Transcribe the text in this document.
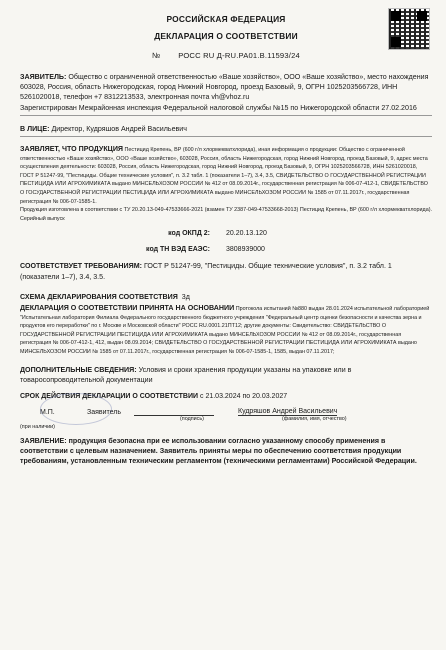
РОССИЙСКАЯ ФЕДЕРАЦИЯ
ДЕКЛАРАЦИЯ О СООТВЕТСТВИИ
№ РОСС RU Д-RU.PA01.B.11593/24
ЗАЯВИТЕЛЬ: Общество с ограниченной ответственностью «Ваше хозяйство», ООО «Ваше хозяйство», место нахождения 603028, Россия, область Нижегородская, город Нижний Новгород, проезд Базовый, 9, ОГРН 1025203566728, ИНН 5261020018, телефон +7 8312213533, электронная почта vh@vhoz.ru
Зарегистрирован Межрайонная инспекция Федеральной налоговой службы №15 по Нижегородской области 27.02.2016
В ЛИЦЕ: Директор, Кудряшов Андрей Васильевич
ЗАЯВЛЯЕТ, ЧТО ПРОДУКЦИЯ Пестицид Крепень, ВР (600 г/л хлормекватхлорида), иная информация о продукции: Общество с ограниченной ответственностью «Ваше хозяйство», ООО «Ваше хозяйство», 603028, Россия, область Нижегородская, город Нижний Новгород, проезд Базовый, 9, адрес места осуществления деятельности: 603028, Россия, область Нижегородская, город Нижний Новгород, проезд Базовый, 9, ОГРН 1025203566728, ИНН 5261020018, ГОСТ Р 51247-99, "Пестициды. Общие технические условия", п. 3.2 табл. 1 (показатели 1–7), 3.4, 3.5, СВИДЕТЕЛЬСТВО О ГОСУДАРСТВЕННОЙ РЕГИСТРАЦИИ ПЕСТИЦИДА ИЛИ АГРОХИМИКАТА выдано МИНСЕЛЬХОЗОМ РОССИИ № 412 от 08.09.2014г., государственная регистрация № 006-07-412-1, СВИДЕТЕЛЬСТВО О ГОСУДАРСТВЕННОЙ РЕГИСТРАЦИИ ПЕСТИЦИДА ИЛИ АГРОХИМИКАТА выдано МИНСЕЛЬХОЗОМ РОССИИ № 1585 от 07.11.2017г., государственная регистрация № 006-07-1585-1.
Продукция изготовлена в соответствии с ТУ 20.20.13-049-47533666-2021 (взамен ТУ 2387-049-47533668-2013) Пестицид Крепень, ВР (600 г/л хлормекватхлорида).
Серийный выпуск
код ОКПД 2:	20.20.13.120
код ТН ВЭД ЕАЭС:	3808939000
СООТВЕТСТВУЕТ ТРЕБОВАНИЯМ: ГОСТ Р 51247-99, "Пестициды. Общие технические условия", п. 3.2 табл. 1 (показатели 1–7), 3.4, 3.5.
СХЕМА ДЕКЛАРИРОВАНИЯ СООТВЕТСТВИЯ 3д
ДЕКЛАРАЦИЯ О СООТВЕТСТВИИ ПРИНЯТА НА ОСНОВАНИИ Протокола испытаний №880 выдан 28.01.2024 испытательной лабораторией "Испытательная лаборатория Филиала Федерального государственного бюджетного учреждения "Федеральный центр оценки безопасности и качества зерна и продуктов его переработки" по г. Москве и Московской области" РОСС RU.0001.21ПТ12; другие документы: Свидетельство: СВИДЕТЕЛЬСТВО О ГОСУДАРСТВЕННОЙ РЕГИСТРАЦИИ ПЕСТИЦИДА ИЛИ АГРОХИМИКАТА выдано МИНСЕЛЬХОЗОМ РОССИИ № 412 от 08.09.2014г., государственная регистрация № 006-07-412-1, 412, выдан 08.09.2014; СВИДЕТЕЛЬСТВО О ГОСУДАРСТВЕННОЙ РЕГИСТРАЦИИ ПЕСТИЦИДА ИЛИ АГРОХИМИКАТА выдано МИНСЕЛЬХОЗОМ РОССИИ № 1585 от 07.11.2017г., государственная регистрация № 006-07-1585-1, 1585, выдан 07.11.2017;
ДОПОЛНИТЕЛЬНЫЕ СВЕДЕНИЯ: Условия и сроки хранения продукции указаны на упаковке или в товаросопроводительной документации
СРОК ДЕЙСТВИЯ ДЕКЛАРАЦИИ О СООТВЕТСТВИИ
с
21.03.2024
по
20.03.2027
М.П.	Заявитель	Кудряшов Андрей Васильевич
(подпись)	(фамилия, имя, отчество)
(при наличии)
ЗАЯВЛЕНИЕ: продукция безопасна при ее использовании согласно указанному способу применения в соответствии с целевым назначением. Заявитель приняты меры по обеспечению соответствия продукции требованиям, установленным техническим регламентом (техническими регламентами) Российской Федерации.
